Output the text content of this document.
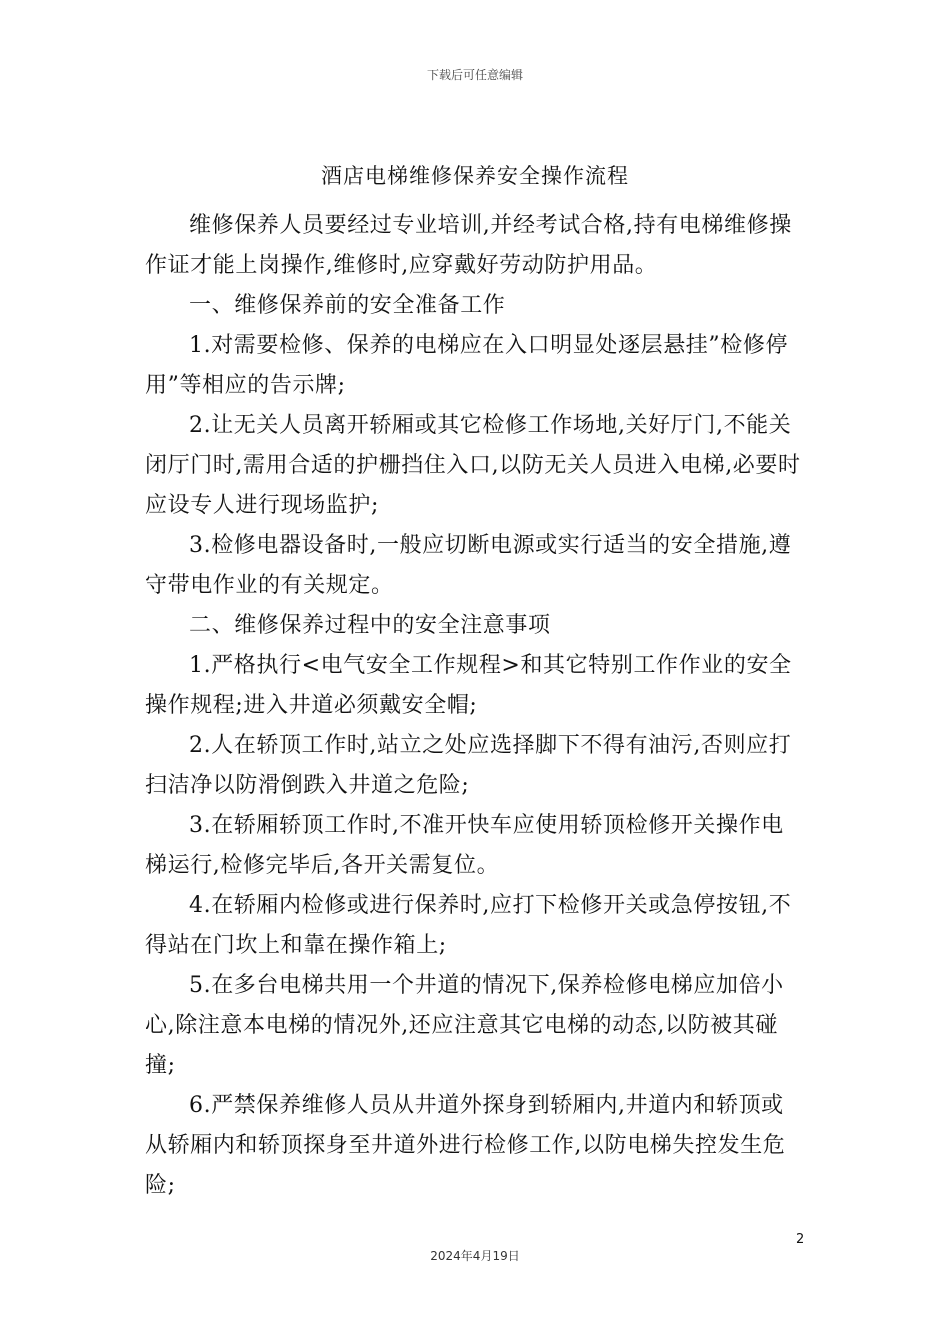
下载后可任意编辑
酒店电梯维修保养安全操作流程

维修保养人员要经过专业培训,并经考试合格,持有电梯维修操作证才能上岗操作,维修时,应穿戴好劳动防护用品。

一、维修保养前的安全准备工作

1.对需要检修、保养的电梯应在入口明显处逐层悬挂”检修停用”等相应的告示牌;

2.让无关人员离开轿厢或其它检修工作场地,关好厅门,不能关闭厅门时,需用合适的护栅挡住入口,以防无关人员进入电梯,必要时应设专人进行现场监护;

3.检修电器设备时,一般应切断电源或实行适当的安全措施,遵守带电作业的有关规定。

二、维修保养过程中的安全注意事项

1.严格执行<电气安全工作规程>和其它特别工作作业的安全操作规程;进入井道必须戴安全帽;

2.人在轿顶工作时,站立之处应选择脚下不得有油污,否则应打扫洁净以防滑倒跌入井道之危险;

3.在轿厢轿顶工作时,不准开快车应使用轿顶检修开关操作电梯运行,检修完毕后,各开关需复位。

4.在轿厢内检修或进行保养时,应打下检修开关或急停按钮,不得站在门坎上和靠在操作箱上;

5.在多台电梯共用一个井道的情况下,保养检修电梯应加倍小心,除注意本电梯的情况外,还应注意其它电梯的动态,以防被其碰撞;

6.严禁保养维修人员从井道外探身到轿厢内,井道内和轿顶或从轿厢内和轿顶探身至井道外进行检修工作,以防电梯失控发生危险;

2
2024年4月19日
